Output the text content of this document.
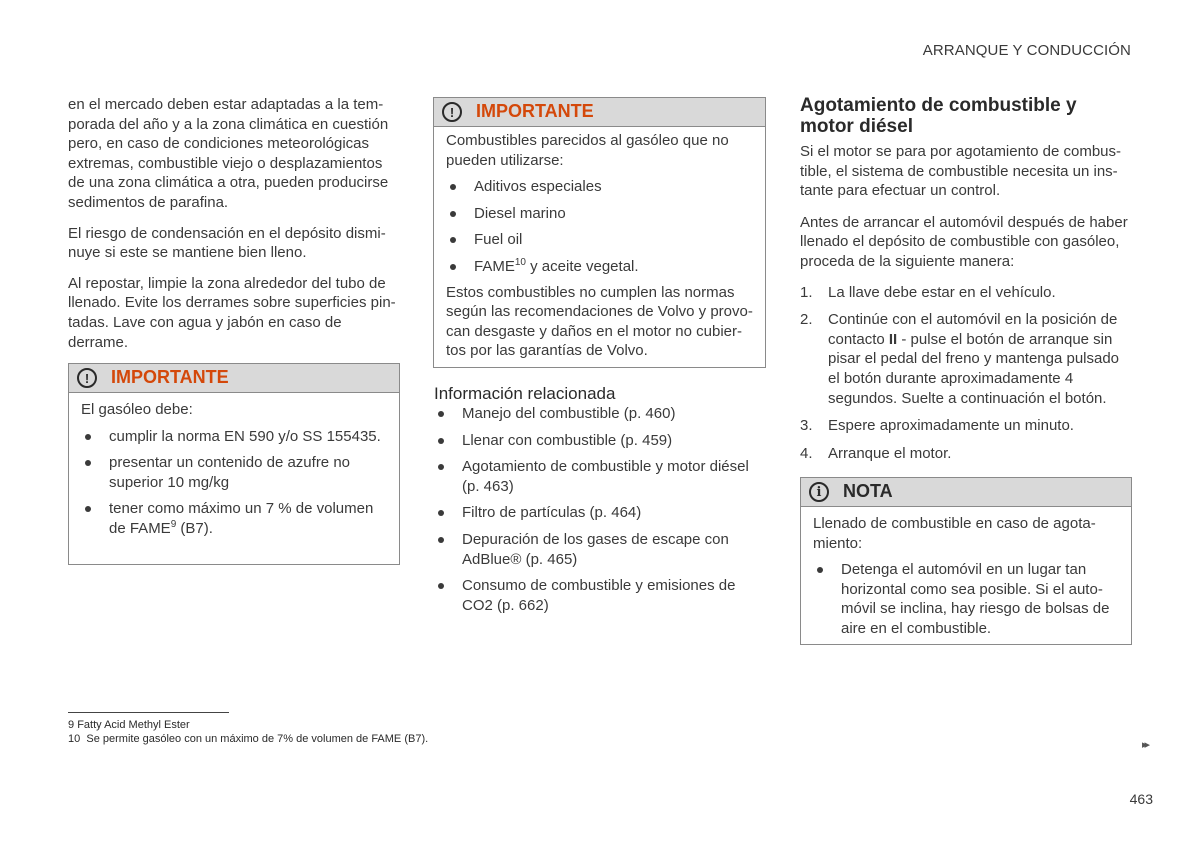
ARRANQUE Y CONDUCCIÓN

en el mercado deben estar adaptadas a la tem-porada del año y a la zona climática en cuestión pero, en caso de condiciones meteorológicas extremas, combustible viejo o desplazamientos de una zona climática a otra, pueden producirse sedimentos de parafina.

El riesgo de condensación en el depósito dismi-nuye si este se mantiene bien lleno.

Al repostar, limpie la zona alrededor del tubo de llenado. Evite los derrames sobre superficies pin-tadas. Lave con agua y jabón en caso de derrame.

!	IMPORTANTE

El gasóleo debe:

cumplir la norma EN 590 y/o SS 155435.
presentar un contenido de azufre no superior 10 mg/kg
tener como máximo un 7 % de volumen de FAME$^9$ (B7).
!	IMPORTANTE

Combustibles parecidos al gasóleo que no pueden utilizarse:

Aditivos especiales
Diesel marino
Fuel oil
FAME$^{10}$ y aceite vegetal.

Estos combustibles no cumplen las normas según las recomendaciones de Volvo y provo-can desgaste y daños en el motor no cubier-tos por las garantías de Volvo.

Información relacionada
Manejo del combustible (p. 460)
Llenar con combustible (p. 459)
Agotamiento de combustible y motor diésel (p. 463)
Filtro de partículas (p. 464)
Depuración de los gases de escape con AdBlue® (p. 465)
Consumo de combustible y emisiones de CO2 (p. 662)
Agotamiento de combustible y motor diésel

Si el motor se para por agotamiento de combus-tible, el sistema de combustible necesita un ins-tante para efectuar un control.

Antes de arrancar el automóvil después de haber llenado el depósito de combustible con gasóleo, proceda de la siguiente manera:

1. La llave debe estar en el vehículo.
2. Continúe con el automóvil en la posición de contacto II - pulse el botón de arranque sin pisar el pedal del freno y mantenga pulsado el botón durante aproximadamente 4 segundos. Suelte a continuación el botón.
3. Espere aproximadamente un minuto.
4. Arranque el motor.
i	NOTA

Llenado de combustible en caso de agota-miento:

Detenga el automóvil en un lugar tan horizontal como sea posible. Si el auto-móvil se inclina, hay riesgo de bolsas de aire en el combustible.
9 Fatty Acid Methyl Ester
10 Se permite gasóleo con un máximo de 7% de volumen de FAME (B7).	▸▸
463
